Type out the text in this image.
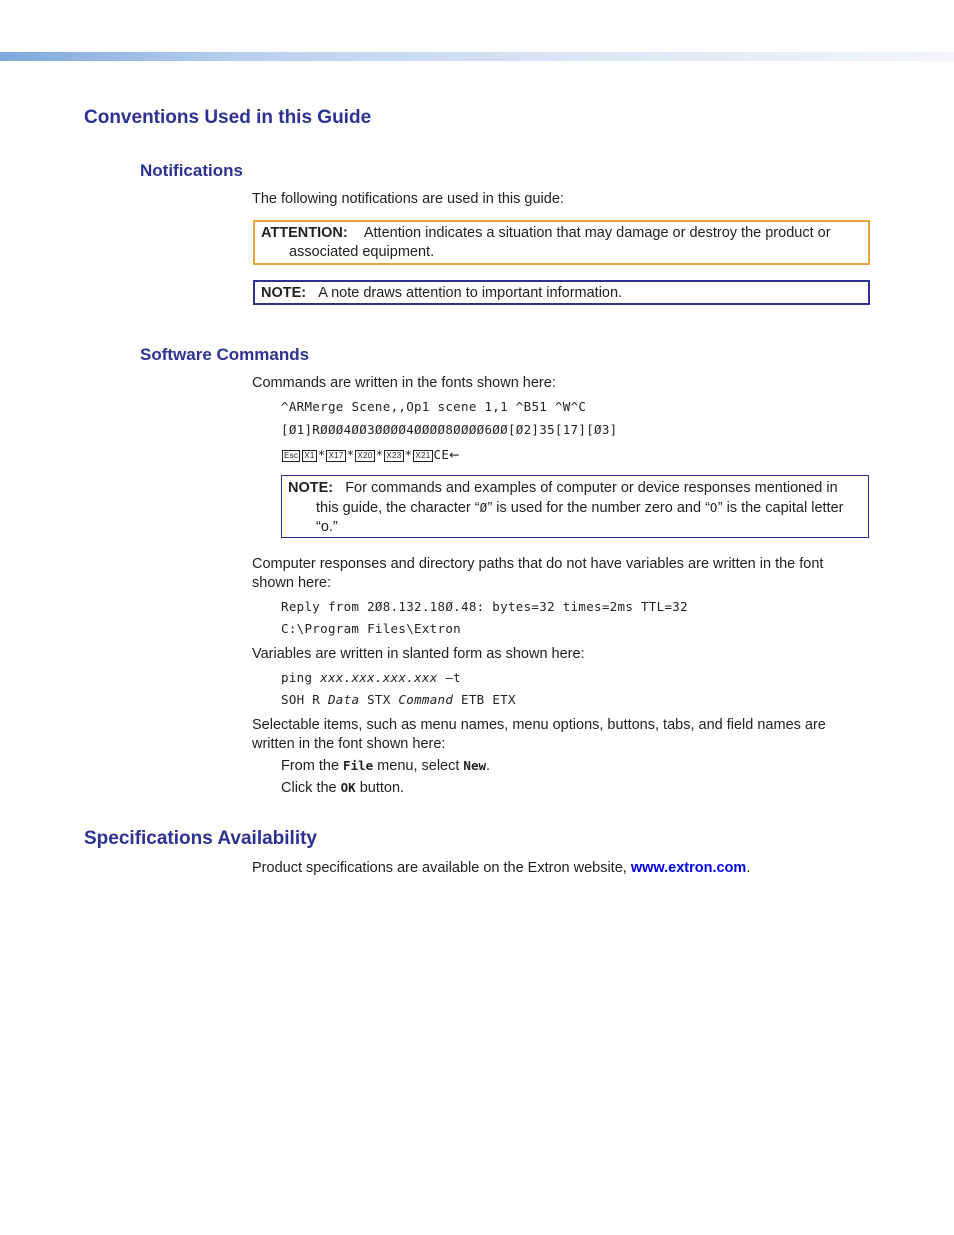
Conventions Used in this Guide
Notifications
The following notifications are used in this guide:
ATTENTION: Attention indicates a situation that may damage or destroy the product or associated equipment.
NOTE: A note draws attention to important information.
Software Commands
Commands are written in the fonts shown here:
^ARMerge Scene,,Op1 scene 1,1 ^B51 ^W^C
[Ø1]RØØØ4ØØ3ØØØØ4ØØØØ8ØØØØ6ØØ[Ø2]35[17][Ø3]
Esc X1 * X17 * X20 * X23 * X21 CE←
NOTE: For commands and examples of computer or device responses mentioned in this guide, the character “Ø” is used for the number zero and “O” is the capital letter “o.”
Computer responses and directory paths that do not have variables are written in the font shown here:
Reply from 2Ø8.132.18Ø.48: bytes=32 times=2ms TTL=32
C:\Program Files\Extron
Variables are written in slanted form as shown here:
ping xxx.xxx.xxx.xxx —t
SOH R Data STX Command ETB ETX
Selectable items, such as menu names, menu options, buttons, tabs, and field names are written in the font shown here:
From the File menu, select New.
Click the OK button.
Specifications Availability
Product specifications are available on the Extron website, www.extron.com.
